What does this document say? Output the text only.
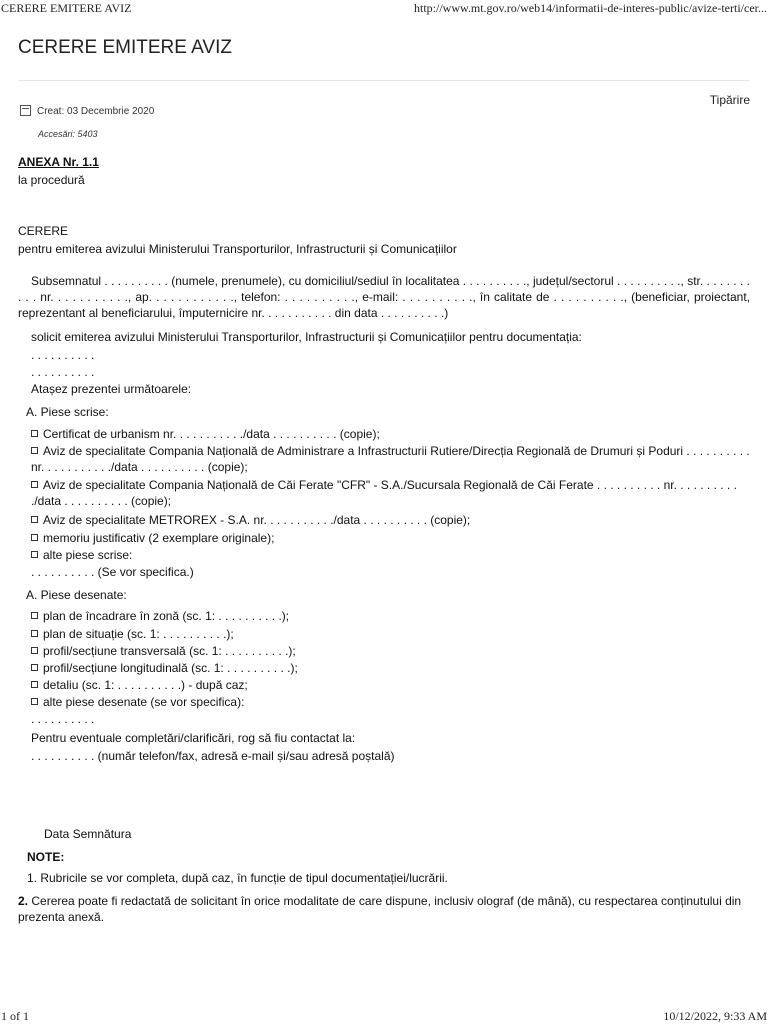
CERERE EMITERE AVIZ	http://www.mt.gov.ro/web14/informatii-de-interes-public/avize-terti/cer...
CERERE EMITERE AVIZ
Tipărire
Creat: 03 Decembrie 2020
Accesări: 5403

ANEXA Nr. 1.1

la procedură

CERERE

pentru emiterea avizului Ministerului Transporturilor, Infrastructurii și Comunicațiilor

Subsemnatul . . . . . . . . . . (numele, prenumele), cu domiciliul/sediul în localitatea . . . . . . . . . ., județul/sectorul . . . . . . . . . ., str. . . . . . . . . . . nr. . . . . . . . . . ., ap. . . . . . . . . . . ., telefon: . . . . . . . . . ., e-mail: . . . . . . . . . ., în calitate de . . . . . . . . . ., (beneficiar, proiectant, reprezentant al beneficiarului, împuternicire nr. . . . . . . . . . . din data . . . . . . . . . .)

solicit emiterea avizului Ministerului Transporturilor, Infrastructurii și Comunicațiilor pentru documentația:

. . . . . . . . . .

. . . . . . . . . .

Atașez prezentei următoarele:

A. Piese scrise:

Certificat de urbanism nr. . . . . . . . . . ./data . . . . . . . . . . (copie);

Aviz de specialitate Compania Națională de Administrare a Infrastructurii Rutiere/Direcția Regională de Drumuri și Poduri . . . . . . . . . . nr. . . . . . . . . . ./data . . . . . . . . . . (copie);

Aviz de specialitate Compania Națională de Căi Ferate "CFR" - S.A./Sucursala Regională de Căi Ferate . . . . . . . . . . nr. . . . . . . . . . ./data . . . . . . . . . . (copie);

Aviz de specialitate METROREX - S.A. nr. . . . . . . . . . ./data . . . . . . . . . . (copie);

memoriu justificativ (2 exemplare originale);

alte piese scrise:

. . . . . . . . . . (Se vor specifica.)

A. Piese desenate:

plan de încadrare în zonă (sc. 1: . . . . . . . . . .);

plan de situație (sc. 1: . . . . . . . . . .);

profil/secțiune transversală (sc. 1: . . . . . . . . . .);

profil/secțiune longitudinală (sc. 1: . . . . . . . . . .);

detaliu (sc. 1: . . . . . . . . . .) - după caz;

alte piese desenate (se vor specifica):

. . . . . . . . . .

Pentru eventuale completări/clarificări, rog să fiu contactat la:

. . . . . . . . . . (număr telefon/fax, adresă e-mail și/sau adresă poștală)

Data Semnătura

NOTE:

1. Rubricile se vor completa, după caz, în funcție de tipul documentației/lucrării.

2. Cererea poate fi redactată de solicitant în orice modalitate de care dispune, inclusiv olograf (de mână), cu respectarea conținutului din prezenta anexă.

1 of 1	10/12/2022, 9:33 AM
